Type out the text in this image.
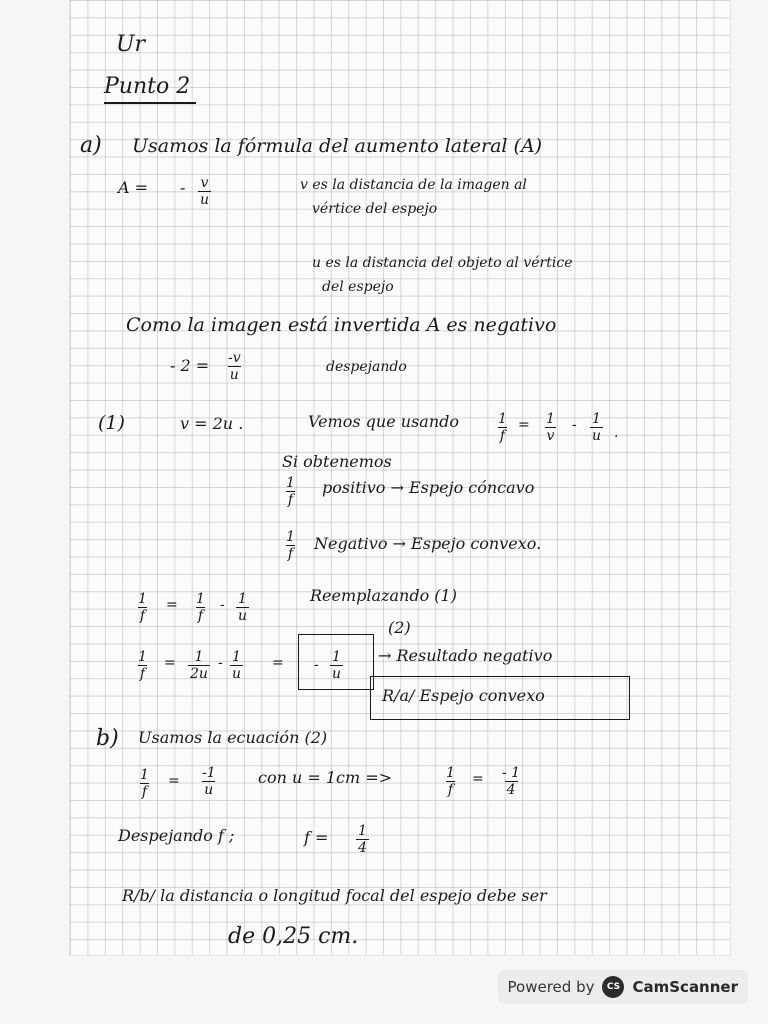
Ur
Punto 2
a) Usamos la fórmula del aumento lateral (A)
A = - $\frac{v}{u}$	v es la distancia de la imagen al
vértice del espejo
u es la distancia del objeto al vértice
del espejo
Como la imagen está invertida A es negativo
- $2 = \frac{-v}{u}$	despejando
(1)	v = 2u .	Vemos que usando	$\frac{1}{f} = \frac{1}{v} - \frac{1}{u}$ .
Si obtenemos
$\frac{1}{f}$ positivo → Espejo cóncavo
$\frac{1}{f}$ Negativo → Espejo convexo.
$\frac{1}{f} = \frac{1}{f} - \frac{1}{u}$	Reemplazando (1)
(2)
$\frac{1}{f} = \frac{1}{2u} - \frac{1}{u}$ = - $\frac{1}{u}$ → Resultado negativo
R/a/ Espejo convexo
b) Usamos la ecuación (2)
$\frac{1}{f} = \frac{-1}{u}$	con u = 1cm =>	$\frac{1}{f} = \frac{- 1}{4}$
Despejando f ;	$f = \frac{1}{4}$
R/b/ la distancia o longitud focal del espejo debe ser
de 0,25 cm.
Powered by	CS CamScanner
